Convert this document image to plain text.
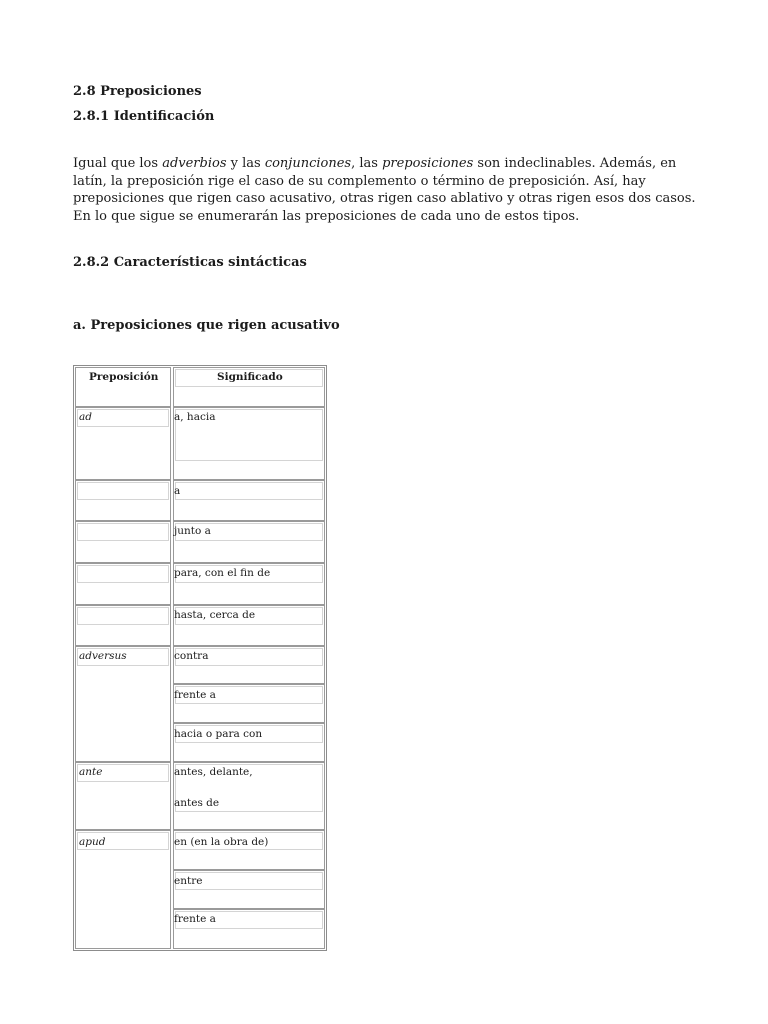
2.8 Preposiciones
2.8.1 Identificación

Igual que los adverbios y las conjunciones, las preposiciones son indeclinables. Además, en latín, la preposición rige el caso de su complemento o término de preposición. Así, hay preposiciones que rigen caso acusativo, otras rigen caso ablativo y otras rigen esos dos casos. En lo que sigue se enumerarán las preposiciones de cada uno de estos tipos.

2.8.2 Características sintácticas
a. Preposiciones que rigen acusativo
Preposición	Significado
ad
adversus
ante
apud
a, hacia
a
junto a
para, con el fin de
hasta, cerca de
contra
frente a
hacia o para con
antes, delante,
antes de
en (en la obra de)
entre
frente a
